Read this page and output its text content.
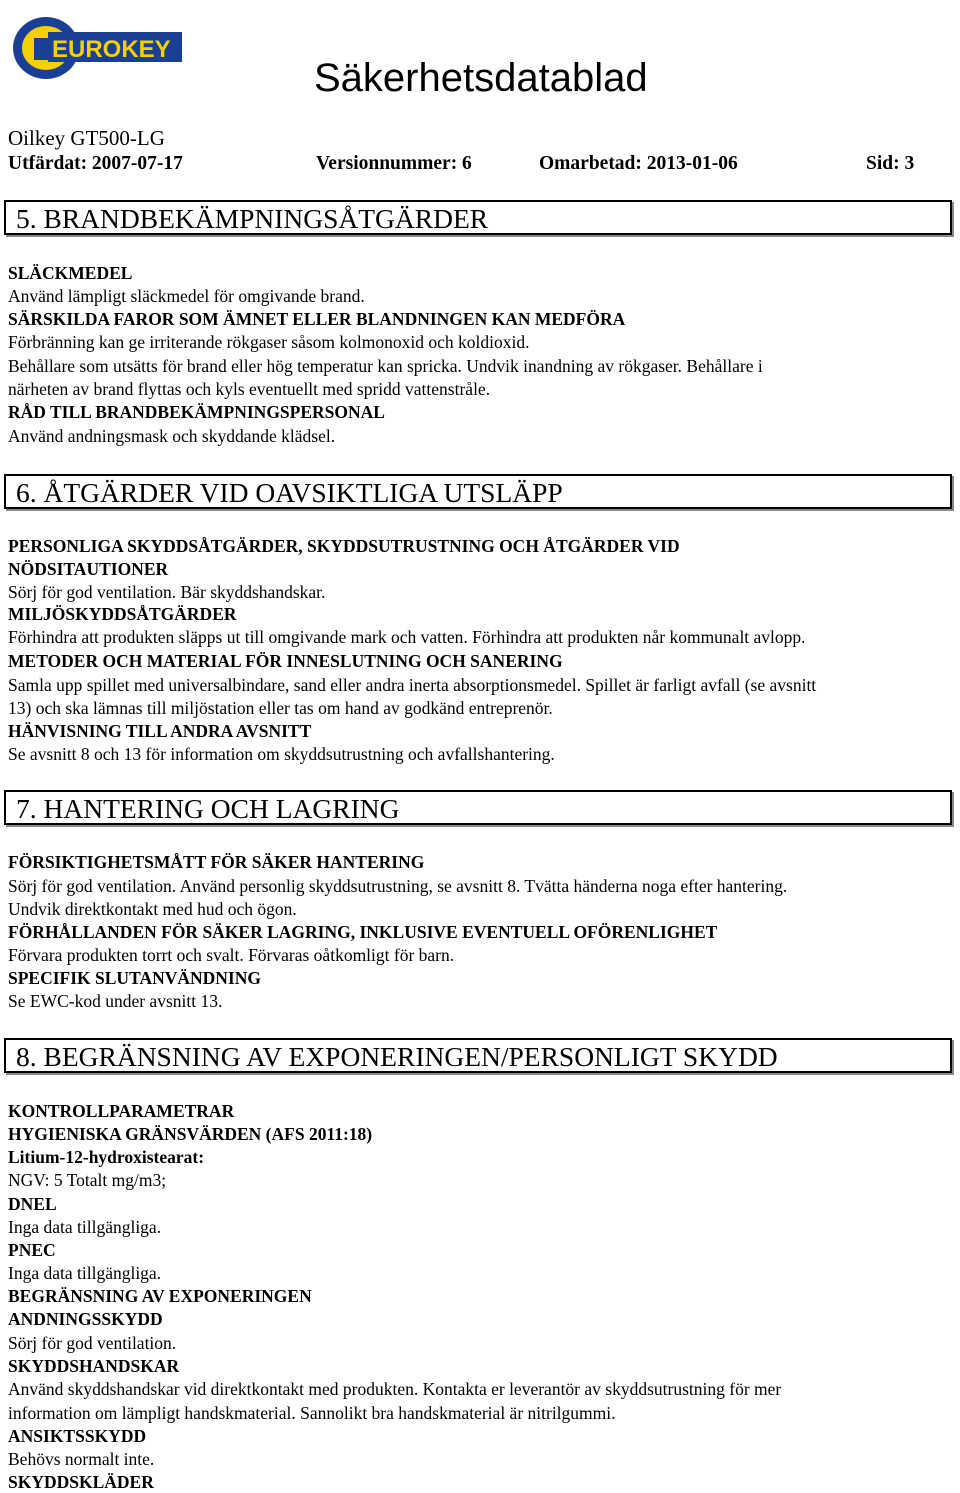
EUROKEY
Säkerhetsdatablad
Oilkey GT500-LG
Utfärdat: 2007-07-17	Versionnummer: 6	Omarbetad: 2013-01-06	Sid: 3
5. BRANDBEKÄMPNINGSÅTGÄRDER
SLÄCKMEDEL
Använd lämpligt släckmedel för omgivande brand.
SÄRSKILDA FAROR SOM ÄMNET ELLER BLANDNINGEN KAN MEDFÖRA
Förbränning kan ge irriterande rökgaser såsom kolmonoxid och koldioxid.
Behållare som utsätts för brand eller hög temperatur kan spricka. Undvik inandning av rökgaser. Behållare i
närheten av brand flyttas och kyls eventuellt med spridd vattenstråle.
RÅD TILL BRANDBEKÄMPNINGSPERSONAL
Använd andningsmask och skyddande klädsel.
6. ÅTGÄRDER VID OAVSIKTLIGA UTSLÄPP
PERSONLIGA SKYDDSÅTGÄRDER, SKYDDSUTRUSTNING OCH ÅTGÄRDER VID
NÖDSITAUTIONER
Sörj för god ventilation. Bär skyddshandskar.
MILJÖSKYDDSÅTGÄRDER
Förhindra att produkten släpps ut till omgivande mark och vatten. Förhindra att produkten når kommunalt avlopp.
METODER OCH MATERIAL FÖR INNESLUTNING OCH SANERING
Samla upp spillet med universalbindare, sand eller andra inerta absorptionsmedel. Spillet är farligt avfall (se avsnitt
13) och ska lämnas till miljöstation eller tas om hand av godkänd entreprenör.
HÄNVISNING TILL ANDRA AVSNITT
Se avsnitt 8 och 13 för information om skyddsutrustning och avfallshantering.
7. HANTERING OCH LAGRING
FÖRSIKTIGHETSMÅTT FÖR SÄKER HANTERING
Sörj för god ventilation. Använd personlig skyddsutrustning, se avsnitt 8. Tvätta händerna noga efter hantering.
Undvik direktkontakt med hud och ögon.
FÖRHÅLLANDEN FÖR SÄKER LAGRING, INKLUSIVE EVENTUELL OFÖRENLIGHET
Förvara produkten torrt och svalt. Förvaras oåtkomligt för barn.
SPECIFIK SLUTANVÄNDNING
Se EWC-kod under avsnitt 13.
8. BEGRÄNSNING AV EXPONERINGEN/PERSONLIGT SKYDD
KONTROLLPARAMETRAR
HYGIENISKA GRÄNSVÄRDEN (AFS 2011:18)
Litium-12-hydroxistearat:
NGV: 5 Totalt mg/m3;
DNEL
Inga data tillgängliga.
PNEC
Inga data tillgängliga.
BEGRÄNSNING AV EXPONERINGEN
ANDNINGSSKYDD
Sörj för god ventilation.
SKYDDSHANDSKAR
Använd skyddshandskar vid direktkontakt med produkten. Kontakta er leverantör av skyddsutrustning för mer
information om lämpligt handskmaterial. Sannolikt bra handskmaterial är nitrilgummi.
ANSIKTSSKYDD
Behövs normalt inte.
SKYDDSKLÄDER
